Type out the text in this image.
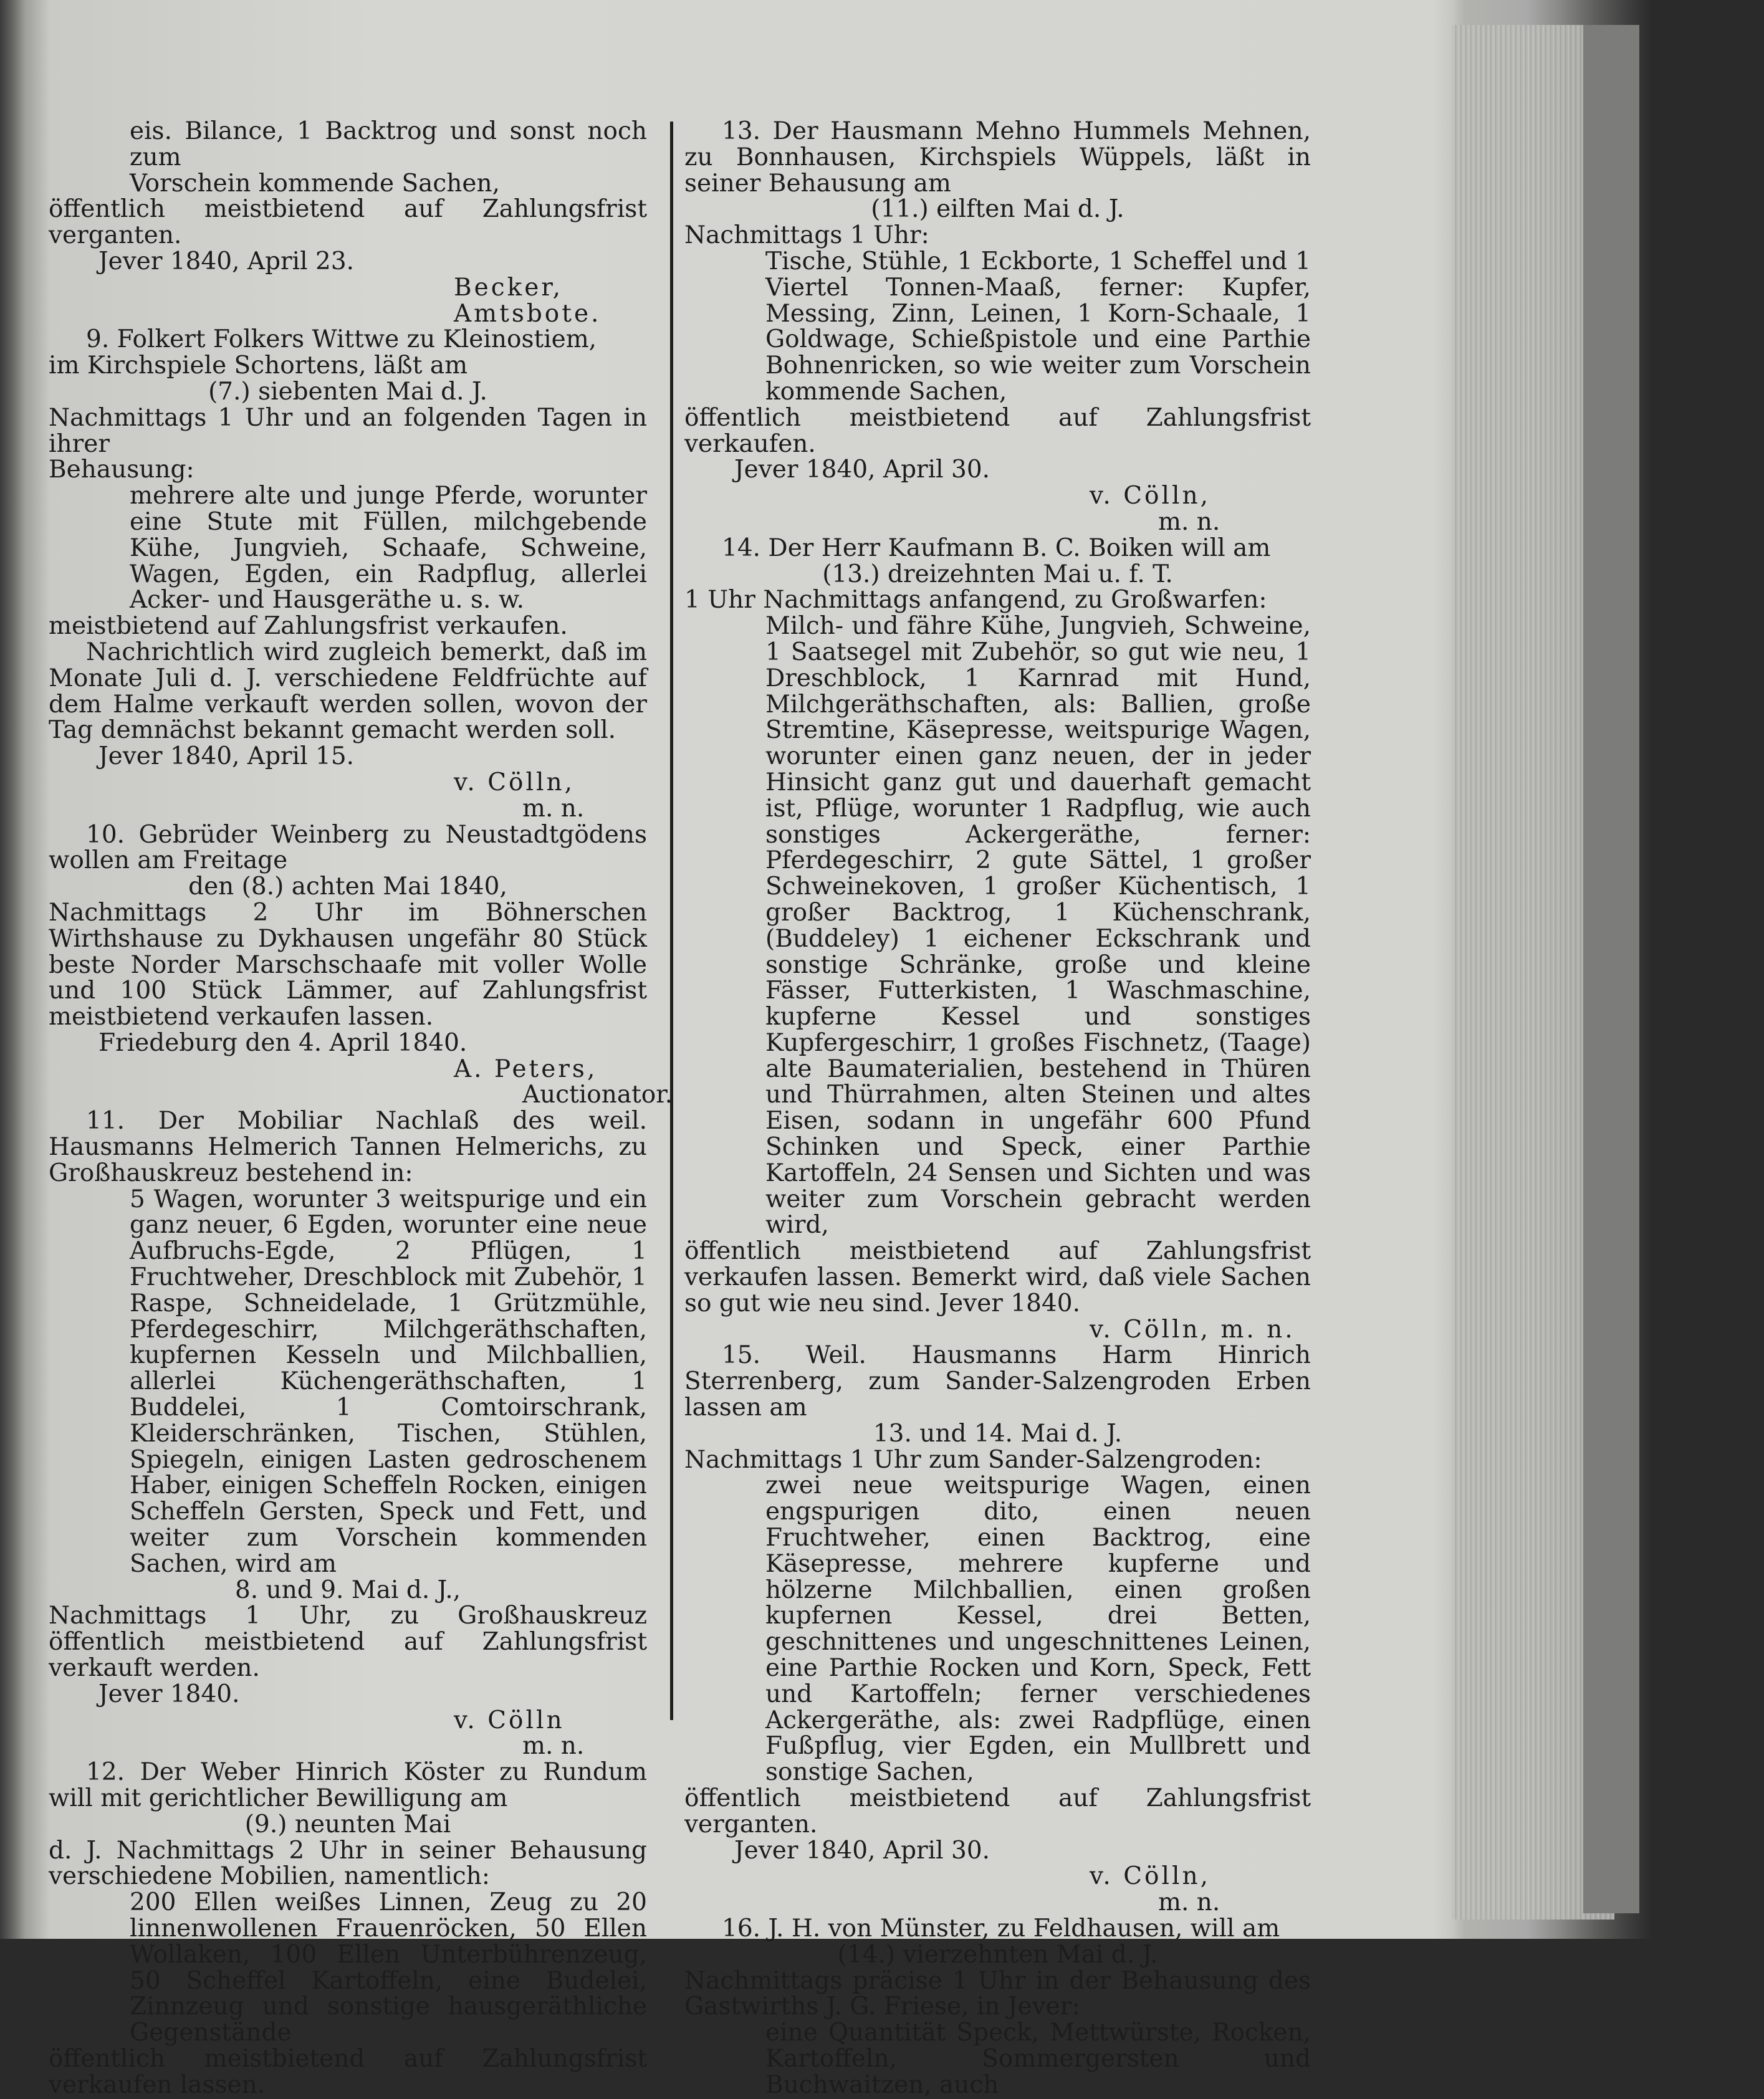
eis. Bilance, 1 Backtrog und sonst noch zum

Vorschein kommende Sachen,

öffentlich meistbietend auf Zahlungsfrist verganten.

Jever 1840, April 23.

Becker, Amtsbote.

9. Folkert Folkers Wittwe zu Kleinostiem,

im Kirchspiele Schortens, läßt am

(7.) siebenten Mai d. J.

Nachmittags 1 Uhr und an folgenden Tagen in ihrer

Behausung:

mehrere alte und junge Pferde, worunter eine Stute mit Füllen, milchgebende Kühe, Jungvieh, Schaafe, Schweine, Wagen, Egden, ein Radpflug, allerlei Acker- und Hausgeräthe u. s. w.

meistbietend auf Zahlungsfrist verkaufen.

Nachrichtlich wird zugleich bemerkt, daß im Monate Juli d. J. verschiedene Feldfrüchte auf dem Halme verkauft werden sollen, wovon der Tag demnächst bekannt gemacht werden soll.

Jever 1840, April 15.

v. Cölln,

m. n.

10. Gebrüder Weinberg zu Neustadtgödens wollen am Freitage

den (8.) achten Mai 1840,

Nachmittags 2 Uhr im Böhnerschen Wirthshause zu Dykhausen ungefähr 80 Stück beste Norder Marschschaafe mit voller Wolle und 100 Stück Lämmer, auf Zahlungsfrist meistbietend verkaufen lassen.

Friedeburg den 4. April 1840.

A. Peters,

Auctionator.

11. Der Mobiliar Nachlaß des weil. Hausmanns Helmerich Tannen Helmerichs, zu Großhauskreuz bestehend in:

5 Wagen, worunter 3 weitspurige und ein ganz neuer, 6 Egden, worunter eine neue Aufbruchs-Egde, 2 Pflügen, 1 Fruchtweher, Dreschblock mit Zubehör, 1 Raspe, Schneidelade, 1 Grützmühle, Pferdegeschirr, Milchgeräthschaften, kupfernen Kesseln und Milchballien, allerlei Küchengeräthschaften, 1 Buddelei, 1 Comtoirschrank, Kleiderschränken, Tischen, Stühlen, Spiegeln, einigen Lasten gedroschenem Haber, einigen Scheffeln Rocken, einigen Scheffeln Gersten, Speck und Fett, und weiter zum Vorschein kommenden Sachen, wird am

8. und 9. Mai d. J.,

Nachmittags 1 Uhr, zu Großhauskreuz öffentlich meistbietend auf Zahlungsfrist verkauft werden.

Jever 1840.

v. Cölln

m. n.

12. Der Weber Hinrich Köster zu Rundum will mit gerichtlicher Bewilligung am

(9.) neunten Mai

d. J. Nachmittags 2 Uhr in seiner Behausung verschiedene Mobilien, namentlich:

200 Ellen weißes Linnen, Zeug zu 20 linnenwollenen Frauenröcken, 50 Ellen Wollaken, 100 Ellen Unterbührenzeug, 50 Scheffel Kartoffeln, eine Budelei, Zinnzeug und sonstige hausgeräthliche Gegenstände

öffentlich meistbietend auf Zahlungsfrist verkaufen lassen.

13. Der Hausmann Mehno Hummels Mehnen, zu Bonnhausen, Kirchspiels Wüppels, läßt in seiner Behausung am

(11.) eilften Mai d. J.

Nachmittags 1 Uhr:

Tische, Stühle, 1 Eckborte, 1 Scheffel und 1 Viertel Tonnen-Maaß, ferner: Kupfer, Messing, Zinn, Leinen, 1 Korn-Schaale, 1 Goldwage, Schießpistole und eine Parthie Bohnenricken, so wie weiter zum Vorschein kommende Sachen,

öffentlich meistbietend auf Zahlungsfrist verkaufen.

Jever 1840, April 30.

v. Cölln,

m. n.

14. Der Herr Kaufmann B. C. Boiken will am

(13.) dreizehnten Mai u. f. T.

1 Uhr Nachmittags anfangend, zu Großwarfen:

Milch- und fähre Kühe, Jungvieh, Schweine, 1 Saatsegel mit Zubehör, so gut wie neu, 1 Dreschblock, 1 Karnrad mit Hund, Milchgeräthschaften, als: Ballien, große Stremtine, Käsepresse, weitspurige Wagen, worunter einen ganz neuen, der in jeder Hinsicht ganz gut und dauerhaft gemacht ist, Pflüge, worunter 1 Radpflug, wie auch sonstiges Ackergeräthe, ferner: Pferdegeschirr, 2 gute Sättel, 1 großer Schweinekoven, 1 großer Küchentisch, 1 großer Backtrog, 1 Küchenschrank, (Buddeley) 1 eichener Eckschrank und sonstige Schränke, große und kleine Fässer, Futterkisten, 1 Waschmaschine, kupferne Kessel und sonstiges Kupfergeschirr, 1 großes Fischnetz, (Taage) alte Baumaterialien, bestehend in Thüren und Thürrahmen, alten Steinen und altes Eisen, sodann in ungefähr 600 Pfund Schinken und Speck, einer Parthie Kartoffeln, 24 Sensen und Sichten und was weiter zum Vorschein gebracht werden wird,

öffentlich meistbietend auf Zahlungsfrist verkaufen lassen. Bemerkt wird, daß viele Sachen so gut wie neu sind. Jever 1840.

v. Cölln, m. n.

15. Weil. Hausmanns Harm Hinrich Sterrenberg, zum Sander-Salzengroden Erben lassen am

13. und 14. Mai d. J.

Nachmittags 1 Uhr zum Sander-Salzengroden:

zwei neue weitspurige Wagen, einen engspurigen dito, einen neuen Fruchtweher, einen Backtrog, eine Käsepresse, mehrere kupferne und hölzerne Milchballien, einen großen kupfernen Kessel, drei Betten, geschnittenes und ungeschnittenes Leinen, eine Parthie Rocken und Korn, Speck, Fett und Kartoffeln; ferner verschiedenes Ackergeräthe, als: zwei Radpflüge, einen Fußpflug, vier Egden, ein Mullbrett und sonstige Sachen,

öffentlich meistbietend auf Zahlungsfrist verganten.

Jever 1840, April 30.

v. Cölln,

m. n.

16. J. H. von Münster, zu Feldhausen, will am

(14.) vierzehnten Mai d. J.

Nachmittags präcise 1 Uhr in der Behausung des Gastwirths J. G. Friese, in Jever:

eine Quantität Speck, Mettwürste, Rocken, Kartoffeln, Sommergersten und Buchwaitzen, auch
